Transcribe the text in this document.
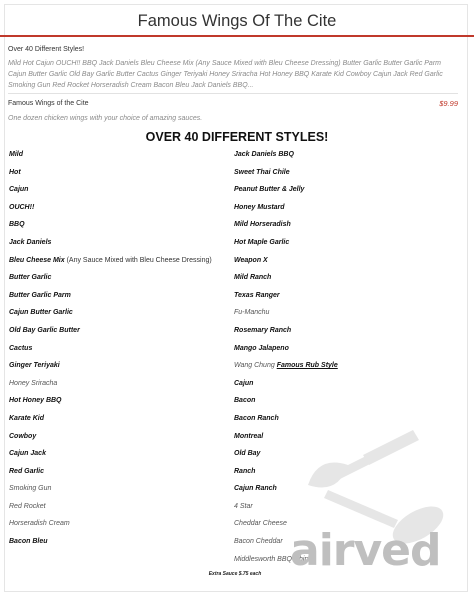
Famous Wings Of The Cite
Over 40 Different Styles!
Mild Hot Cajun OUCH!! BBQ Jack Daniels Bleu Cheese Mix (Any Sauce Mixed with Bleu Cheese Dressing) Butter Garlic Butter Garlic Parm Cajun Butter Garlic Old Bay Garlic Butter Cactus Ginger Teriyaki Honey Sriracha Hot Honey BBQ Karate Kid Cowboy Cajun Jack Red Garlic Smoking Gun Red Rocket Horseradish Cream Bacon Bleu Jack Daniels BBQ...
Famous Wings of the Cite	$9.99
One dozen chicken wings with your choice of amazing sauces.
OVER 40 DIFFERENT STYLES!
Mild
Hot
Cajun
OUCH!!
BBQ
Jack Daniels
Bleu Cheese Mix (Any Sauce Mixed with Bleu Cheese Dressing)
Butter Garlic
Butter Garlic Parm
Cajun Butter Garlic
Old Bay Garlic Butter
Cactus
Ginger Teriyaki
Honey Sriracha
Hot Honey BBQ
Karate Kid
Cowboy
Cajun Jack
Red Garlic
Smoking Gun
Red Rocket
Horseradish Cream
Bacon Bleu
Jack Daniels BBQ
Sweet Thai Chile
Peanut Butter & Jelly
Honey Mustard
Mild Horseradish
Hot Maple Garlic
Weapon X
Mild Ranch
Texas Ranger
Fu-Manchu
Rosemary Ranch
Mango Jalapeno
Wang Chung Famous Rub Style
Cajun
Bacon
Bacon Ranch
Montreal
Old Bay
Ranch
Cajun Ranch
4 Star
Cheddar Cheese
Bacon Cheddar
Middlesworth BBQ Chip
Extra Sauce $.75 each airved
